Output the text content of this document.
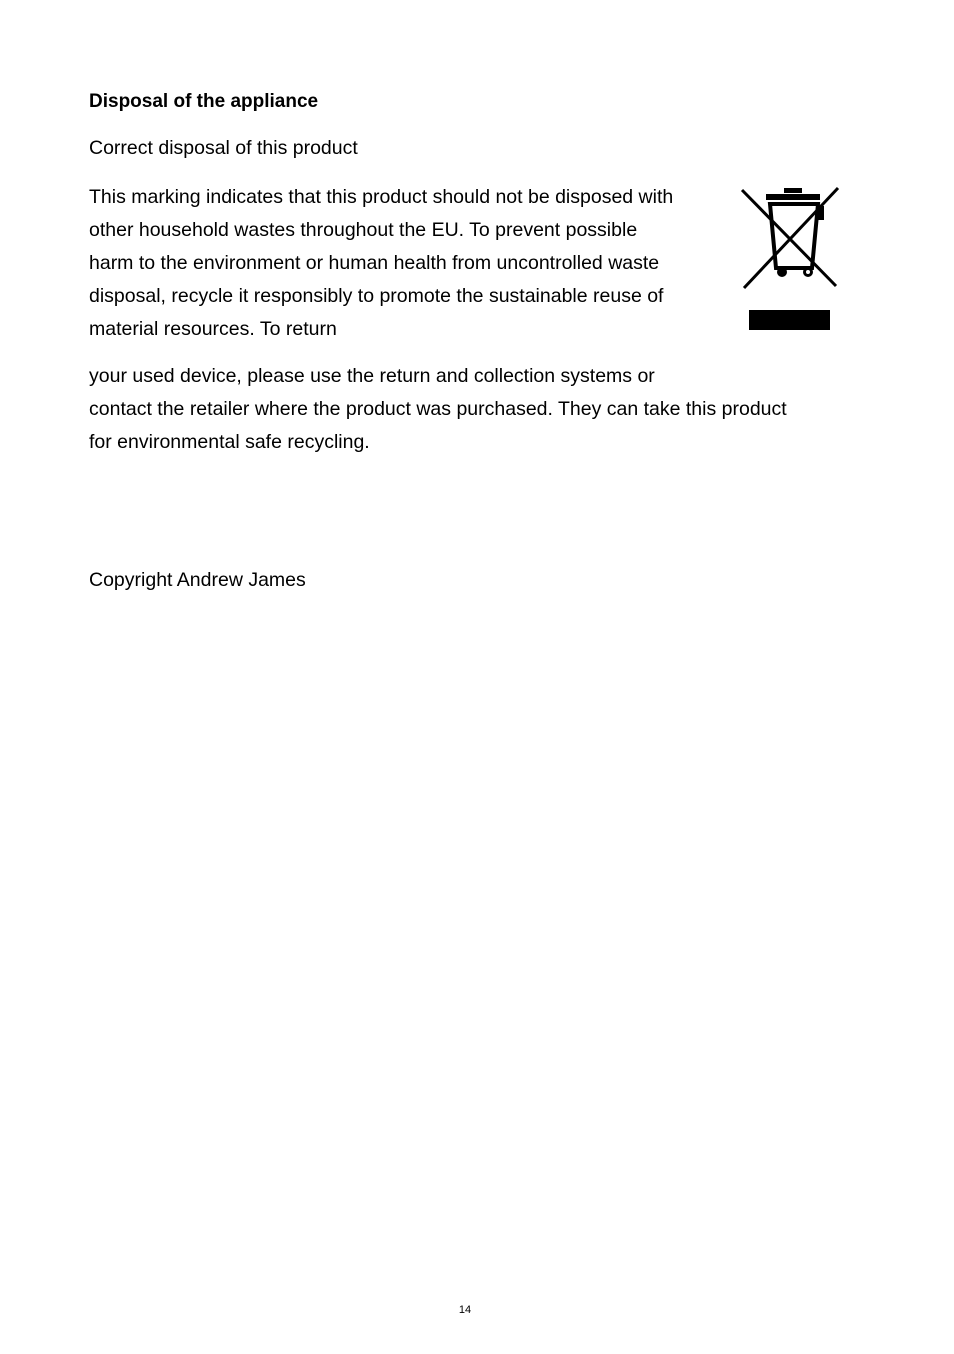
Disposal of the appliance
Correct disposal of this product
This marking indicates that this product should not be disposed with
other household wastes throughout the EU. To prevent possible
harm to the environment or human health from uncontrolled waste
disposal, recycle it responsibly to promote the sustainable reuse of
material resources. To return
your used device, please use the return and collection systems or
contact the retailer where the product was purchased. They can take this product
for environmental safe recycling.
Copyright Andrew James
14
